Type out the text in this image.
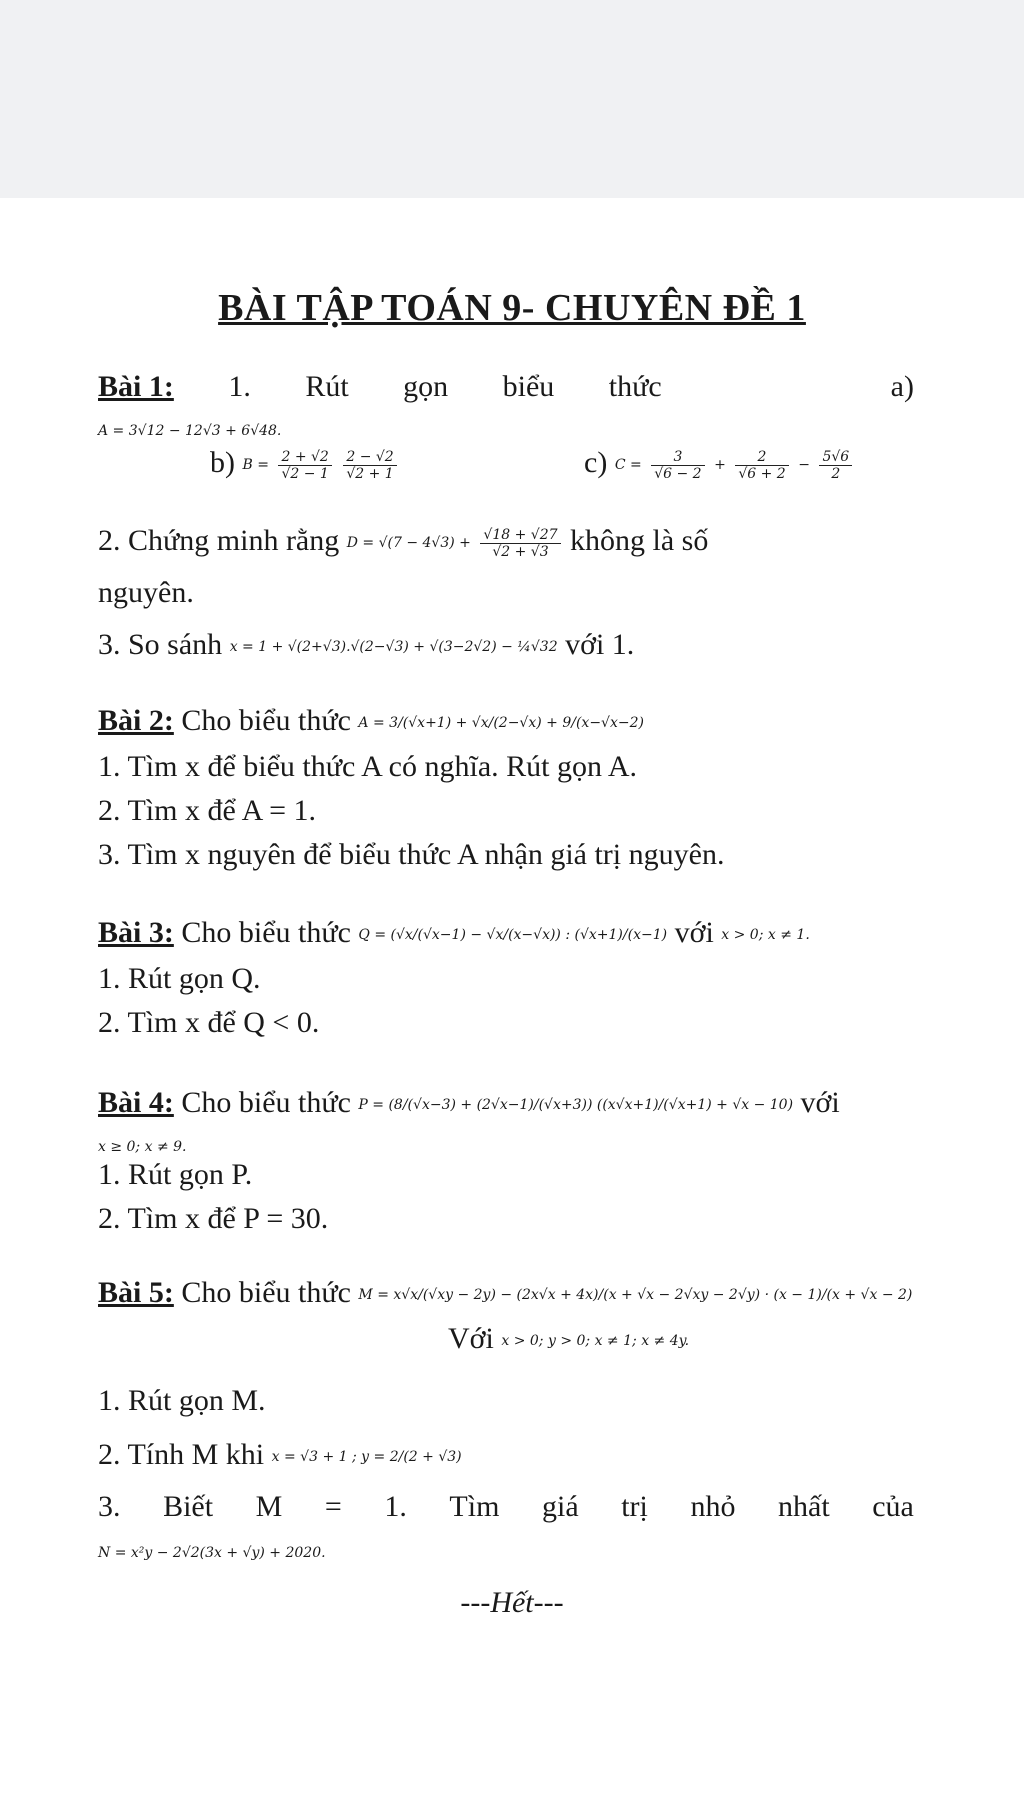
BÀI TẬP TOÁN 9- CHUYÊN ĐỀ 1
Bài 1: 1. Rút gọn biểu thức	a)
A = 3√12 − 12√3 + 6√48.
b) $B = \frac{2 + √2}{√2 - 1}$
$\frac{2 - √2}{√2 + 1}$	c) $C = \frac{3}{√6 - 2} + \frac{2}{√6 + 2} - \frac{5√6}{2}$
2. Chứng minh rằng $D = √(7 - 4√3) + \frac{√18 + √27}{√2 + √3}$ không là số
nguyên.
3. So sánh x = 1 + √(2+√3).√(2−√3) + √(3−2√2) − ¼√32 với 1.
Bài 2: Cho biểu thức A = 3/(√x+1) + √x/(2−√x) + 9/(x−√x−2)
1. Tìm x để biểu thức A có nghĩa. Rút gọn A.
2. Tìm x để A = 1.
3. Tìm x nguyên để biểu thức A nhận giá trị nguyên.
Bài 3: Cho biểu thức Q = (√x/(√x−1) − √x/(x−√x)) : (√x+1)/(x−1) với x > 0; x ≠ 1.
1. Rút gọn Q.
2. Tìm x để Q < 0.
Bài 4: Cho biểu thức P = (8/(√x−3) + (2√x−1)/(√x+3)) ((x√x+1)/(√x+1) + √x − 10) với
x ≥ 0; x ≠ 9.
1. Rút gọn P.
2. Tìm x để P = 30.
Bài 5: Cho biểu thức M = x√x/(√xy − 2y) − (2x√x + 4x)/(x + √x − 2√xy − 2√y) · (x − 1)/(x + √x − 2)
Với x > 0; y > 0; x ≠ 1; x ≠ 4y.
1. Rút gọn M.
2. Tính M khi x = √3 + 1 ; y = 2/(2 + √3)
3. Biết M = 1. Tìm giá trị nhỏ nhất của
N = x²y − 2√2(3x + √y) + 2020.
---Hết---
